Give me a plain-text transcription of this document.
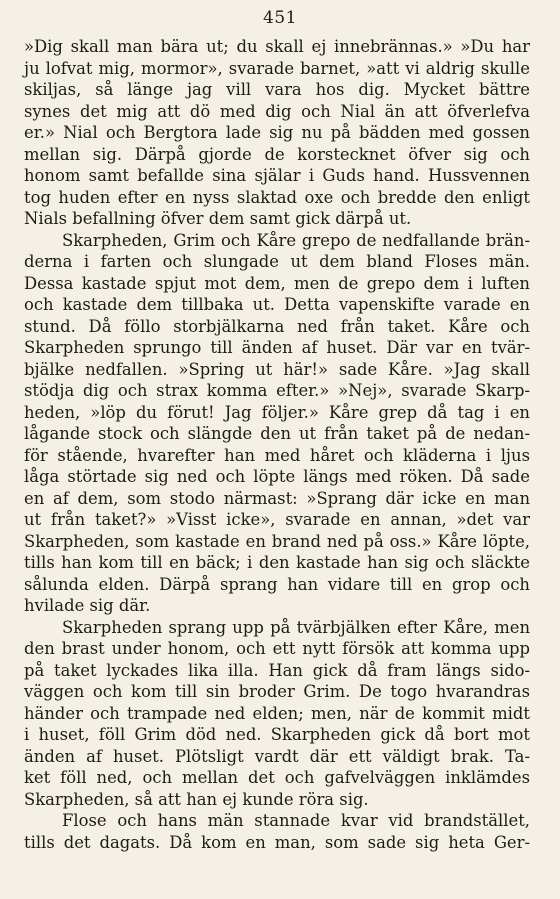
451
»Dig skall man bära ut; du skall ej innebrännas.» »Du har
ju lofvat mig, mormor», svarade barnet, »att vi aldrig skulle
skiljas, så länge jag vill vara hos dig. Mycket bättre
synes det mig att dö med dig och Nial än att öfverlefva
er.» Nial och Bergtora lade sig nu på bädden med gossen
mellan sig. Därpå gjorde de korstecknet öfver sig och
honom samt befallde sina själar i Guds hand. Hussvennen
tog huden efter en nyss slaktad oxe och bredde den enligt
Nials befallning öfver dem samt gick därpå ut.
Skarpheden, Grim och Kåre grepo de nedfallande brän-
derna i farten och slungade ut dem bland Floses män.
Dessa kastade spjut mot dem, men de grepo dem i luften
och kastade dem tillbaka ut. Detta vapenskifte varade en
stund. Då föllo storbjälkarna ned från taket. Kåre och
Skarpheden sprungo till änden af huset. Där var en tvär-
bjälke nedfallen. »Spring ut här!» sade Kåre. »Jag skall
stödja dig och strax komma efter.» »Nej», svarade Skarp-
heden, »löp du förut! Jag följer.» Kåre grep då tag i en
lågande stock och slängde den ut från taket på de nedan-
för stående, hvarefter han med håret och kläderna i ljus
låga störtade sig ned och löpte längs med röken. Då sade
en af dem, som stodo närmast: »Sprang där icke en man
ut från taket?» »Visst icke», svarade en annan, »det var
Skarpheden, som kastade en brand ned på oss.» Kåre löpte,
tills han kom till en bäck; i den kastade han sig och släckte
sålunda elden. Därpå sprang han vidare till en grop och
hvilade sig där.
Skarpheden sprang upp på tvärbjälken efter Kåre, men
den brast under honom, och ett nytt försök att komma upp
på taket lyckades lika illa. Han gick då fram längs sido-
väggen och kom till sin broder Grim. De togo hvarandras
händer och trampade ned elden; men, när de kommit midt
i huset, föll Grim död ned. Skarpheden gick då bort mot
änden af huset. Plötsligt vardt där ett väldigt brak. Ta-
ket föll ned, och mellan det och gafvelväggen inklämdes
Skarpheden, så att han ej kunde röra sig.
Flose och hans män stannade kvar vid brandstället,
tills det dagats. Då kom en man, som sade sig heta Ger-
